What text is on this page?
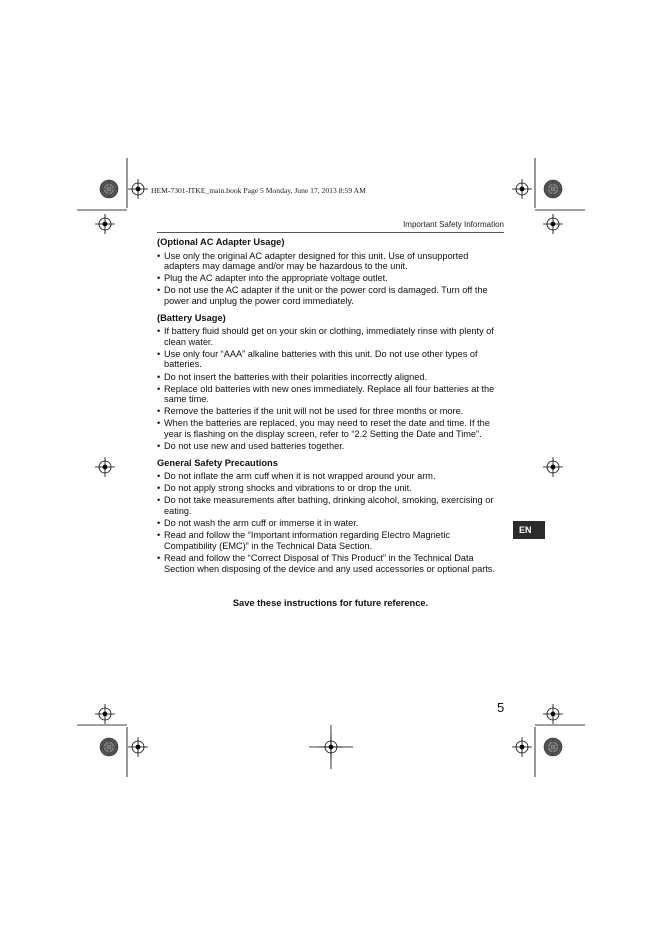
HEM-7301-ITKE_main.book Page 5 Monday, June 17, 2013 8:59 AM
Important Safety Information
(Optional AC Adapter Usage)
• Use only the original AC adapter designed for this unit. Use of unsupported adapters may damage and/or may be hazardous to the unit.
• Plug the AC adapter into the appropriate voltage outlet.
• Do not use the AC adapter if the unit or the power cord is damaged. Turn off the power and unplug the power cord immediately.
(Battery Usage)
• If battery fluid should get on your skin or clothing, immediately rinse with plenty of clean water.
• Use only four “AAA” alkaline batteries with this unit. Do not use other types of batteries.
• Do not insert the batteries with their polarities incorrectly aligned.
• Replace old batteries with new ones immediately. Replace all four batteries at the same time.
• Remove the batteries if the unit will not be used for three months or more.
• When the batteries are replaced, you may need to reset the date and time. If the year is flashing on the display screen, refer to “2.2 Setting the Date and Time”.
• Do not use new and used batteries together.
General Safety Precautions
• Do not inflate the arm cuff when it is not wrapped around your arm.
• Do not apply strong shocks and vibrations to or drop the unit.
• Do not take measurements after bathing, drinking alcohol, smoking, exercising or eating.
• Do not wash the arm cuff or immerse it in water.
• Read and follow the “Important information regarding Electro Magnetic Compatibility (EMC)” in the Technical Data Section.
• Read and follow the “Correct Disposal of This Product” in the Technical Data Section when disposing of the device and any used accessories or optional parts.
Save these instructions for future reference.
EN
5
